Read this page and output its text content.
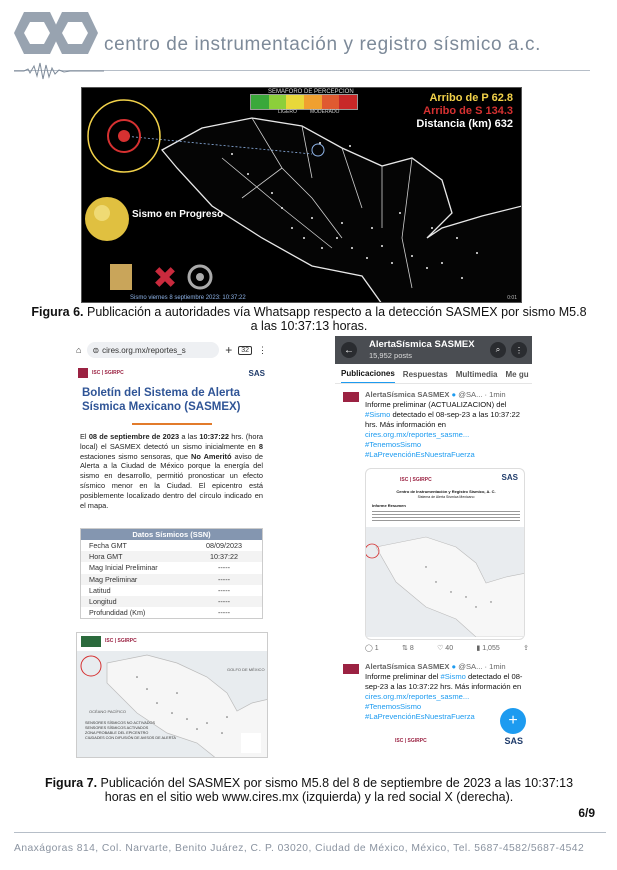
centro de instrumentación y registro sísmico a.c.
SEMÁFORO DE PERCEPCIÓN
LIGERO	MODERADO
Arribo de P 62.8
Arribo de S 134.3
Distancia (km) 632
Sismo en Progreso
Sismo viernes 8 septiembre 2023: 10:37:22	0:01
Figura 6. Publicación a autoridades vía Whatsapp respecto a la detección SASMEX por sismo M5.8 a las 10:37:13 horas.
⌂ ⊜ cires.org.mx/reportes_s	+	32	⋮
ISC | SGIRPC	SAS
Boletín del Sistema de Alerta Sísmica Mexicano (SASMEX)
El 08 de septiembre de 2023 a las 10:37:22 hrs. (hora local) el SASMEX detectó un sismo inicialmente en 8 estaciones sismo sensoras, que No Ameritó aviso de Alerta a la Ciudad de México porque la energía del sismo en desarrollo, permitió pronosticar un efecto sísmico menor en la Ciudad. El epicentro está posiblemente localizado dentro del círculo indicado en el mapa.
Datos Sísmicos (SSN)
Fecha GMT	08/09/2023
Hora GMT	10:37:22
Mag Inicial Preliminar	-----
Mag Preliminar	-----
Latitud	-----
Longitud	-----
Profundidad (Km)	-----
ISC | SGIRPC
GOLFO DE MÉXICO
OCÉANO PACÍFICO
SENSORES SÍSMICOS NO ACTIVADOS
SENSORES SÍSMICOS ACTIVADOS
ZONA PROBABLE DEL EPICENTRO
CIUDADES CON DIFUSIÓN DE AVISOS DE ALERTA
←	AlertaSísmica SASMEX
15,952 posts
⌕	⋮
Publicaciones Respuestas Multimedia Me gu
AlertaSísmica SASMEX ● @SA... · 1min
Informe preliminar (ACTUALIZACION) del #Sismo detectado el 08-sep-23 a las 10:37:22 hrs. Más información en cires.org.mx/reportes_sasme...
#TenemosSismo
#LaPrevenciónEsNuestraFuerza
ISC | SGIRPC	SAS
Centro de Instrumentación y Registro Sísmico, A. C.
Sistema de Alerta Sísmica Mexicano
Informe Resumen
◯ 1	⇅ 8	♡ 40	▮ 1,055	⇪
AlertaSísmica SASMEX ● @SA... · 1min
Informe preliminar del #Sismo detectado el 08-sep-23 a las 10:37:22 hrs. Más información en cires.org.mx/reportes_sasme...
#TenemosSismo
#LaPrevenciónEsNuestraFuerza
ISC | SGIRPC	SAS
+
Figura 7. Publicación del SASMEX por sismo M5.8 del 8 de septiembre de 2023 a las 10:37:13 horas en el sitio web www.cires.mx (izquierda) y la red social X (derecha).
6/9
Anaxágoras 814, Col. Narvarte, Benito Juárez, C. P. 03020, Ciudad de México, México, Tel. 5687-4582/5687-4542
